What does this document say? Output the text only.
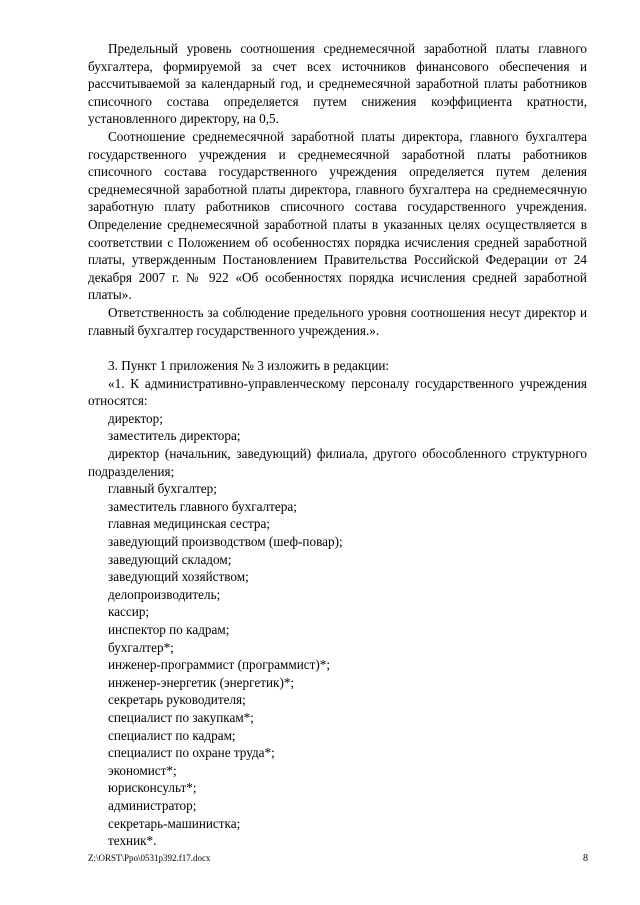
Предельный уровень соотношения среднемесячной заработной платы главного бухгалтера, формируемой за счет всех источников финансового обеспечения и рассчитываемой за календарный год, и среднемесячной заработной платы работников списочного состава определяется путем снижения коэффициента кратности, установленного директору, на 0,5.

Соотношение среднемесячной заработной платы директора, главного бухгалтера государственного учреждения и среднемесячной заработной платы работников списочного состава государственного учреждения определяется путем деления среднемесячной заработной платы директора, главного бухгалтера на среднемесячную заработную плату работников списочного состава государственного учреждения. Определение среднемесячной заработной платы в указанных целях осуществляется в соответствии с Положением об особенностях порядка исчисления средней заработной платы, утвержденным Постановлением Правительства Российской Федерации от 24 декабря 2007 г. № 922 «Об особенностях порядка исчисления средней заработной платы».

Ответственность за соблюдение предельного уровня соотношения несут директор и главный бухгалтер государственного учреждения.».

3. Пункт 1 приложения № 3 изложить в редакции:

«1. К административно-управленческому персоналу государственного учреждения относятся:

директор;
заместитель директора;
директор (начальник, заведующий) филиала, другого обособленного структурного подразделения;
главный бухгалтер;
заместитель главного бухгалтера;
главная медицинская сестра;
заведующий производством (шеф-повар);
заведующий складом;
заведующий хозяйством;
делопроизводитель;
кассир;
инспектор по кадрам;
бухгалтер*;
инженер-программист (программист)*;
инженер-энергетик (энергетик)*;
секретарь руководителя;
специалист по закупкам*;
специалист по кадрам;
специалист по охране труда*;
экономист*;
юрисконсульт*;
администратор;
секретарь-машинистка;
техник*.
Z:\ORST\Ppo\0531p392.f17.docx	8
